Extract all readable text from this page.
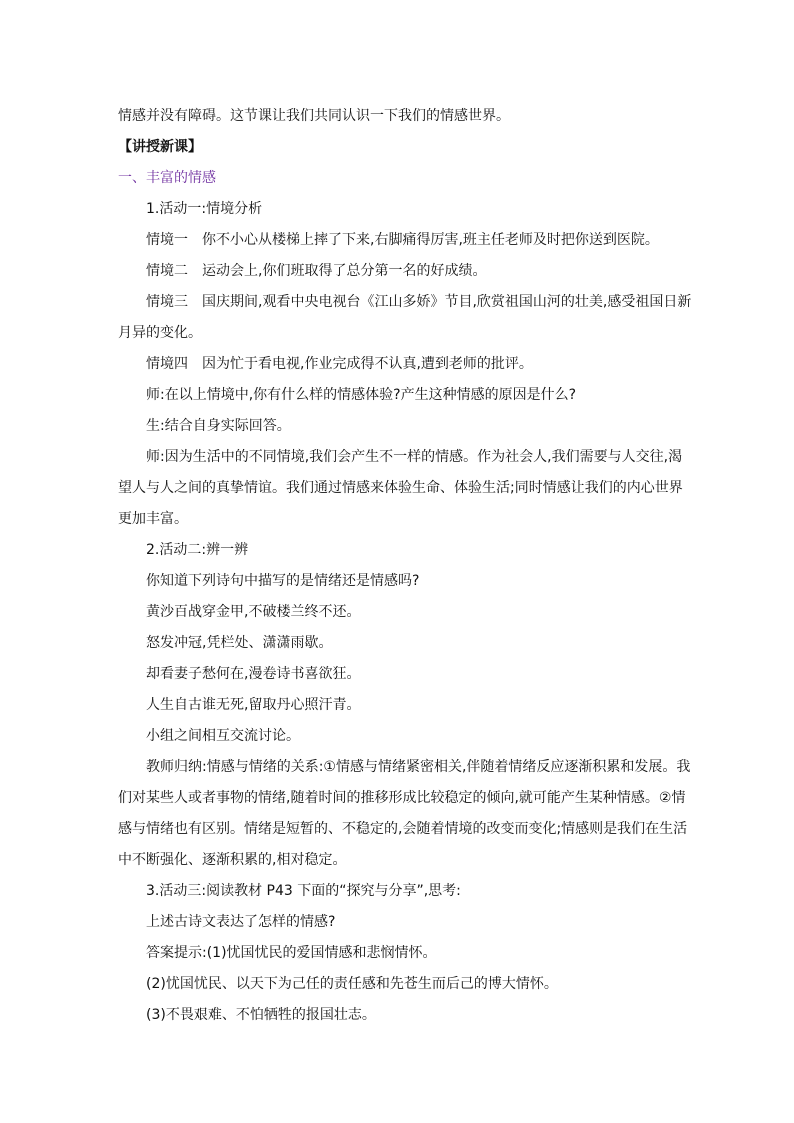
情感并没有障碍。这节课让我们共同认识一下我们的情感世界。

【讲授新课】

一、丰富的情感

1.活动一:情境分析

情境一　你不小心从楼梯上摔了下来,右脚痛得厉害,班主任老师及时把你送到医院。

情境二　运动会上,你们班取得了总分第一名的好成绩。

情境三　国庆期间,观看中央电视台《江山多娇》节目,欣赏祖国山河的壮美,感受祖国日新月异的变化。

情境四　因为忙于看电视,作业完成得不认真,遭到老师的批评。

师:在以上情境中,你有什么样的情感体验?产生这种情感的原因是什么?

生:结合自身实际回答。

师:因为生活中的不同情境,我们会产生不一样的情感。作为社会人,我们需要与人交往,渴望人与人之间的真挚情谊。我们通过情感来体验生命、体验生活;同时情感让我们的内心世界更加丰富。

2.活动二:辨一辨

你知道下列诗句中描写的是情绪还是情感吗?

黄沙百战穿金甲,不破楼兰终不还。

怒发冲冠,凭栏处、潇潇雨歇。

却看妻子愁何在,漫卷诗书喜欲狂。

人生自古谁无死,留取丹心照汗青。

小组之间相互交流讨论。

教师归纳:情感与情绪的关系:①情感与情绪紧密相关,伴随着情绪反应逐渐积累和发展。我们对某些人或者事物的情绪,随着时间的推移形成比较稳定的倾向,就可能产生某种情感。②情感与情绪也有区别。情绪是短暂的、不稳定的,会随着情境的改变而变化;情感则是我们在生活中不断强化、逐渐积累的,相对稳定。

3.活动三:阅读教材 P43 下面的“探究与分享”,思考:

上述古诗文表达了怎样的情感?

答案提示:(1)忧国忧民的爱国情感和悲悯情怀。

(2)忧国忧民、以天下为己任的责任感和先苍生而后己的博大情怀。

(3)不畏艰难、不怕牺牲的报国壮志。
